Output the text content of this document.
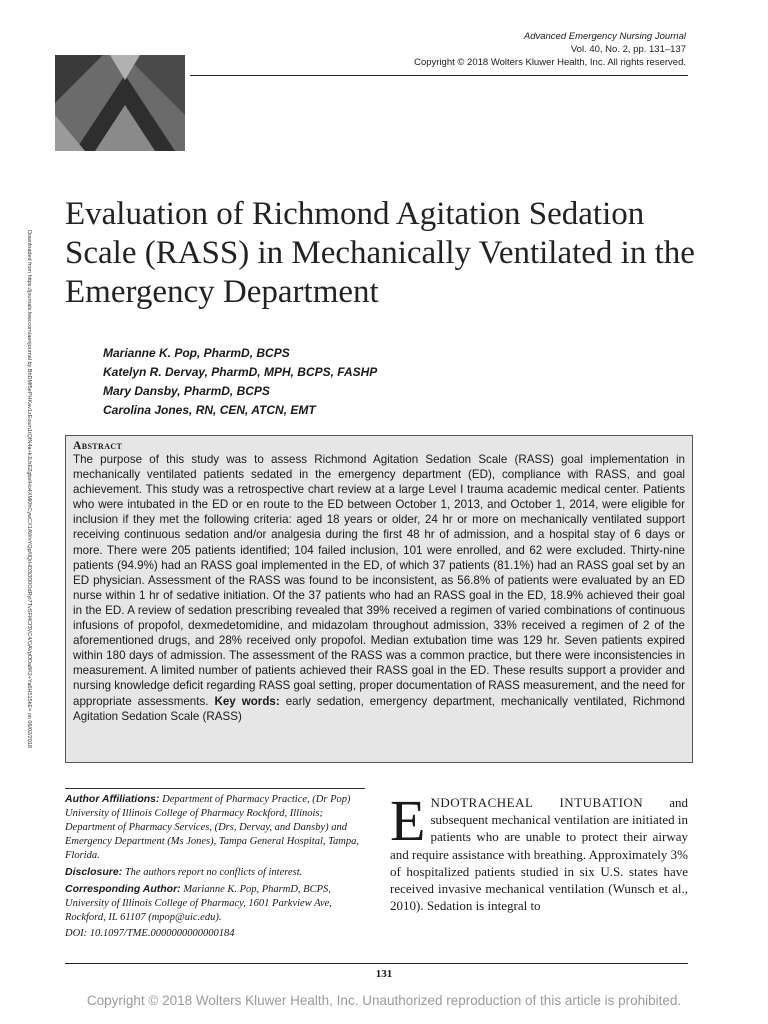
Advanced Emergency Nursing Journal
Vol. 40, No. 2, pp. 131–137
Copyright © 2018 Wolters Kluwer Health, Inc. All rights reserved.
Downloaded from https://journals.lww.com/aenjournal by BhDMf5ePHKav1zEoum1tQfN4a+kJLhEZgbsIHo4XMi0hCywCX1AWnYQp/IlQrHD3i3D0OdRyi7TvSFl4Cf3VC4/OAVpDDa8K2+Ya6H515kE= on 06/02/2018
Evaluation of Richmond Agitation Sedation Scale (RASS) in Mechanically Ventilated in the Emergency Department
Marianne K. Pop, PharmD, BCPS
Katelyn R. Dervay, PharmD, MPH, BCPS, FASHP
Mary Dansby, PharmD, BCPS
Carolina Jones, RN, CEN, ATCN, EMT
Abstract

The purpose of this study was to assess Richmond Agitation Sedation Scale (RASS) goal implementation in mechanically ventilated patients sedated in the emergency department (ED), compliance with RASS, and goal achievement. This study was a retrospective chart review at a large Level I trauma academic medical center. Patients who were intubated in the ED or en route to the ED between October 1, 2013, and October 1, 2014, were eligible for inclusion if they met the following criteria: aged 18 years or older, 24 hr or more on mechanically ventilated support receiving continuous sedation and/or analgesia during the first 48 hr of admission, and a hospital stay of 6 days or more. There were 205 patients identified; 104 failed inclusion, 101 were enrolled, and 62 were excluded. Thirty-nine patients (94.9%) had an RASS goal implemented in the ED, of which 37 patients (81.1%) had an RASS goal set by an ED physician. Assessment of the RASS was found to be inconsistent, as 56.8% of patients were evaluated by an ED nurse within 1 hr of sedative initiation. Of the 37 patients who had an RASS goal in the ED, 18.9% achieved their goal in the ED. A review of sedation prescribing revealed that 39% received a regimen of varied combinations of continuous infusions of propofol, dexmedetomidine, and midazolam throughout admission, 33% received a regimen of 2 of the aforementioned drugs, and 28% received only propofol. Median extubation time was 129 hr. Seven patients expired within 180 days of admission. The assessment of the RASS was a common practice, but there were inconsistencies in measurement. A limited number of patients achieved their RASS goal in the ED. These results support a provider and nursing knowledge deficit regarding RASS goal setting, proper documentation of RASS measurement, and the need for appropriate assessments. Key words: early sedation, emergency department, mechanically ventilated, Richmond Agitation Sedation Scale (RASS)

Author Affiliations: Department of Pharmacy Practice, (Dr Pop) University of Illinois College of Pharmacy Rockford, Illinois; Department of Pharmacy Services, (Drs, Dervay, and Dansby) and Emergency Department (Ms Jones), Tampa General Hospital, Tampa, Florida.

Disclosure: The authors report no conflicts of interest.

Corresponding Author: Marianne K. Pop, PharmD, BCPS, University of Illinois College of Pharmacy, 1601 Parkview Ave, Rockford, IL 61107 (mpop@uic.edu).

DOI: 10.1097/TME.0000000000000184

ENDOTRACHEAL INTUBATION and subsequent mechanical ventilation are initiated in patients who are unable to protect their airway and require assistance with breathing. Approximately 3% of hospitalized patients studied in six U.S. states have received invasive mechanical ventilation (Wunsch et al., 2010). Sedation is integral to

131
Copyright © 2018 Wolters Kluwer Health, Inc. Unauthorized reproduction of this article is prohibited.
